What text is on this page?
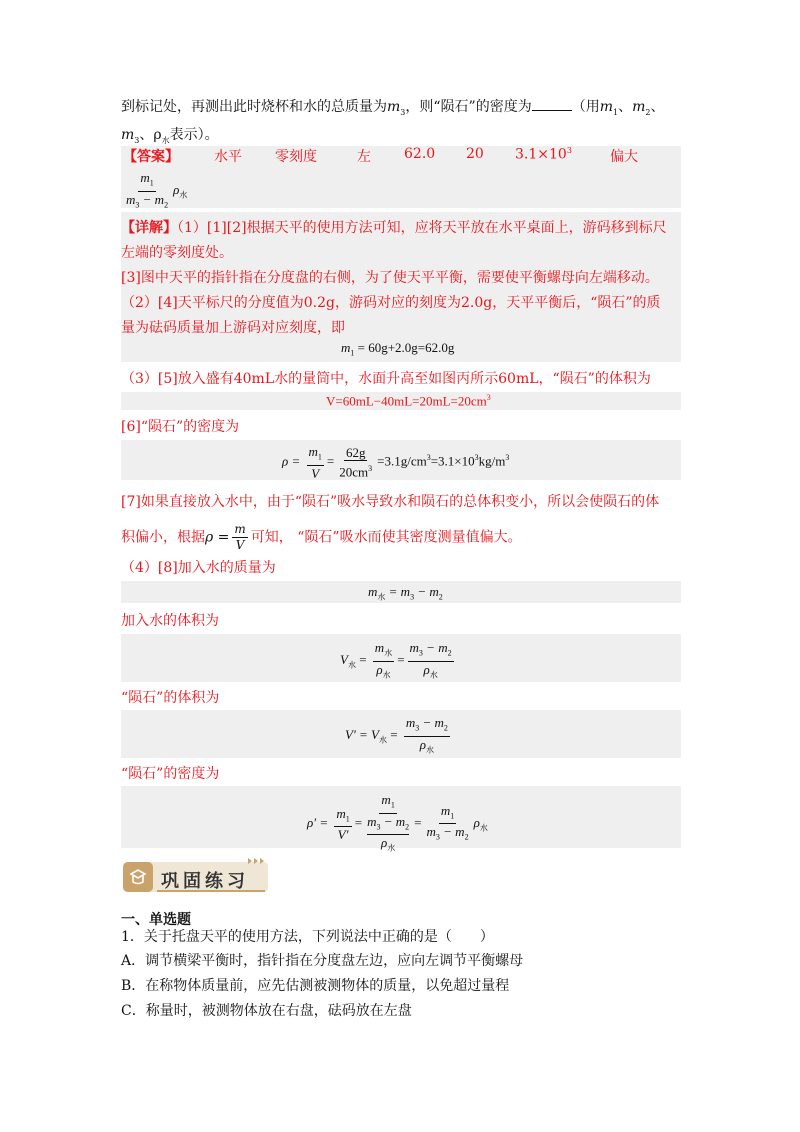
到标记处，再测出此时烧杯和水的总质量为$m_3$，则“陨石”的密度为	（用$m_1$、$m_2$、
$m_3$、$\rho_水$表示）。
【答案】	水平 零刻度	左 62.0 20 $3.1\times 10^3$	偏大
$\frac{m_1}{m_3 - m_2} \rho_水$
【详解】（1）[1][2]根据天平的使用方法可知，应将天平放在水平桌面上，游码移到标尺
左端的零刻度处。
[3]图中天平的指针指在分度盘的右侧，为了使天平平衡，需要使平衡螺母向左端移动。
（2）[4]天平标尺的分度值为0.2g，游码对应的刻度为2.0g，天平平衡后，“陨石”的质
量为砝码质量加上游码对应刻度，即
$m_1 = 60g+2.0g=62.0g$
（3）[5]放入盛有40mL水的量筒中，水面升高至如图丙所示60mL，“陨石”的体积为
$V=60mL-40mL=20mL=20cm^3$
[6]“陨石”的密度为
$\rho = \frac{m_1}{V} = \frac{62g}{20cm^3} =3.1g/cm^3=3.1\times 10^3kg/m^3$
[7]如果直接放入水中，由于“陨石”吸水导致水和陨石的总体积变小，所以会使陨石的体
积偏小，根据$\rho = \frac{m}{V}$ 可知， “陨石”吸水而使其密度测量值偏大。
（4）[8]加入水的质量为
$m_水 = m_3 - m_2$
加入水的体积为
$V_水 = \frac{m_水}{\rho_水} = \frac{m_3 - m_2}{\rho_水}$
“陨石”的体积为
$V' = V_水 = \frac{m_3 - m_2}{\rho_水}$
“陨石”的密度为
$\rho' = \frac{m_1}{V'} = m_1$
$m_3 - m_2$
$\rho_水 = \frac{m_1}{m_3 - m_2} \rho_水$
巩固练习
一、单选题
1．关于托盘天平的使用方法，下列说法中正确的是（　　）
A．调节横梁平衡时，指针指在分度盘左边，应向左调节平衡螺母
B．在称物体质量前，应先估测被测物体的质量，以免超过量程
C．称量时，被测物体放在右盘，砝码放在左盘
